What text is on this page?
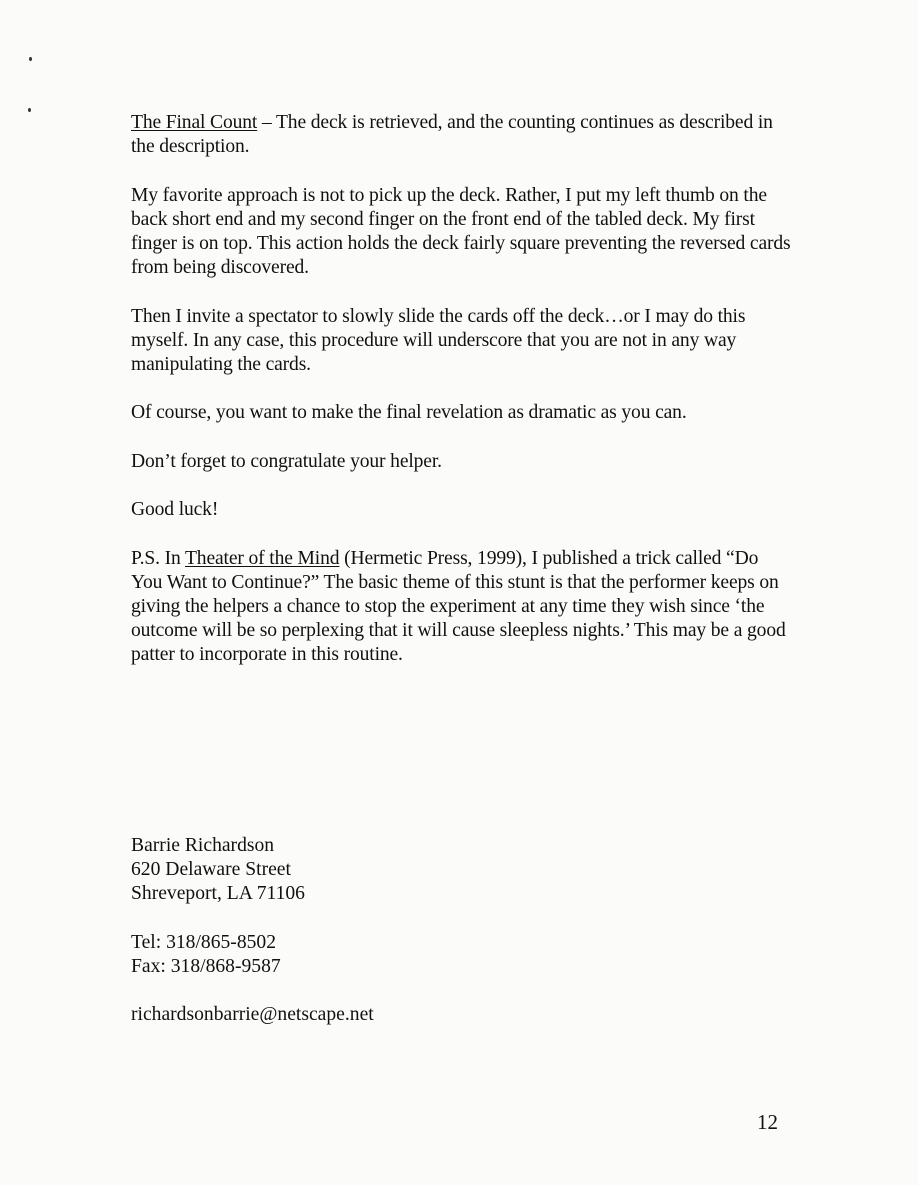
The Final Count – The deck is retrieved, and the counting continues as described in the description.

My favorite approach is not to pick up the deck. Rather, I put my left thumb on the back short end and my second finger on the front end of the tabled deck. My first finger is on top. This action holds the deck fairly square preventing the reversed cards from being discovered.

Then I invite a spectator to slowly slide the cards off the deck…or I may do this myself. In any case, this procedure will underscore that you are not in any way manipulating the cards.

Of course, you want to make the final revelation as dramatic as you can.

Don’t forget to congratulate your helper.

Good luck!

P.S. In Theater of the Mind (Hermetic Press, 1999), I published a trick called “Do You Want to Continue?” The basic theme of this stunt is that the performer keeps on giving the helpers a chance to stop the experiment at any time they wish since ‘the outcome will be so perplexing that it will cause sleepless nights.’ This may be a good patter to incorporate in this routine.

Barrie Richardson
620 Delaware Street
Shreveport, LA 71106

Tel: 318/865-8502
Fax: 318/868-9587

richardsonbarrie@netscape.net

12
